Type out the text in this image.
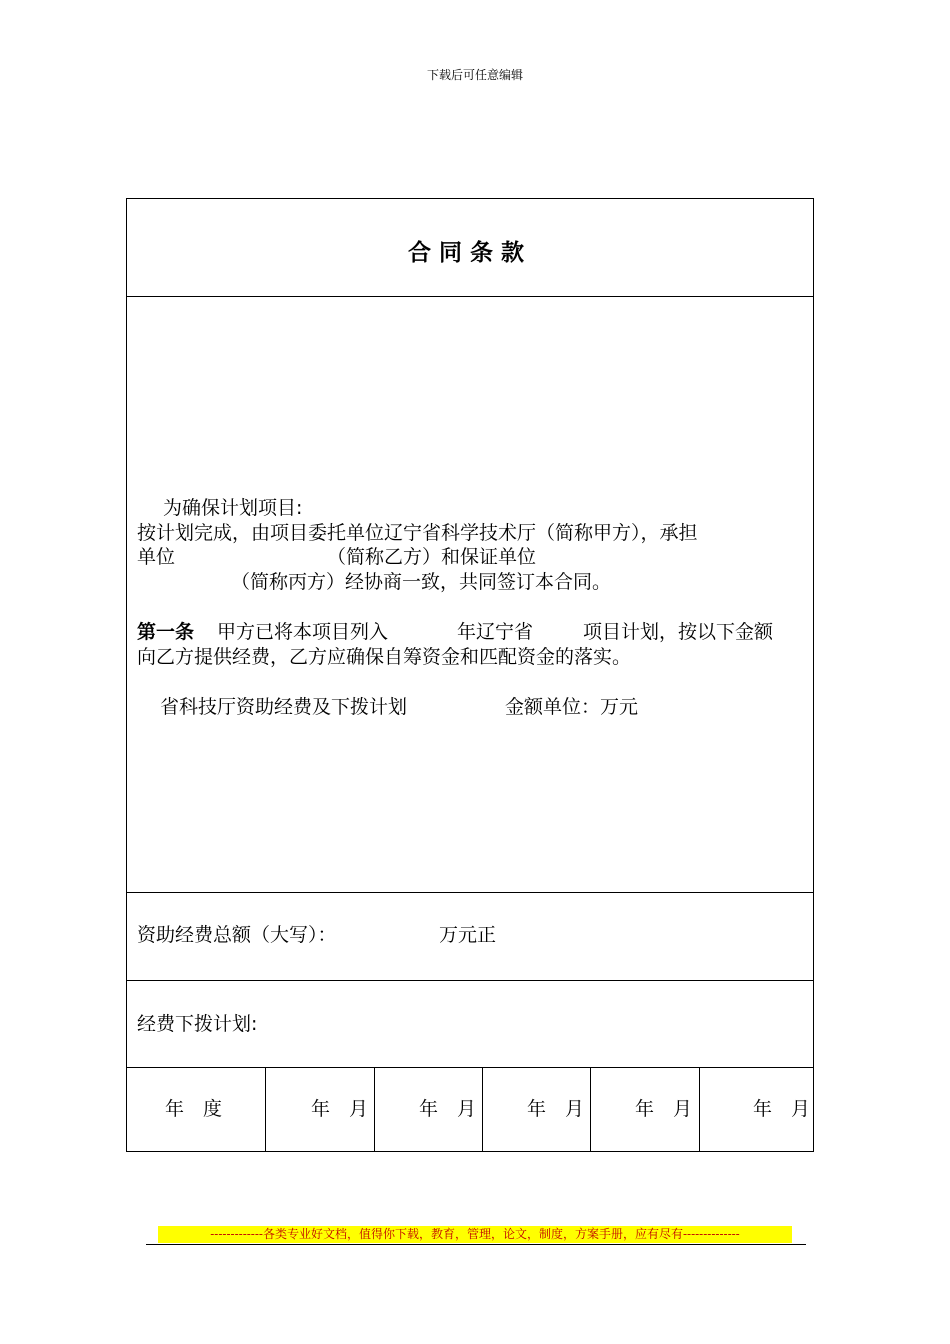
下载后可任意编辑
合同条款
为确保计划项目:
按计划完成，由项目委托单位辽宁省科学技术厅（简称甲方），承担
单位	（简称乙方）和保证单位
（简称丙方）经协商一致，共同签订本合同。
第一条 甲方已将本项目列入	年辽宁省	项目计划，按以下金额
向乙方提供经费，乙方应确保自筹资金和匹配资金的落实。
省科技厅资助经费及下拨计划	金额单位：万元
资助经费总额（大写）：	万元正
经费下拨计划:
年　度	年　月	年　月	年　月	年　月	年　月
-------------各类专业好文档，值得你下载，教育，管理，论文，制度，方案手册，应有尽有--------------
